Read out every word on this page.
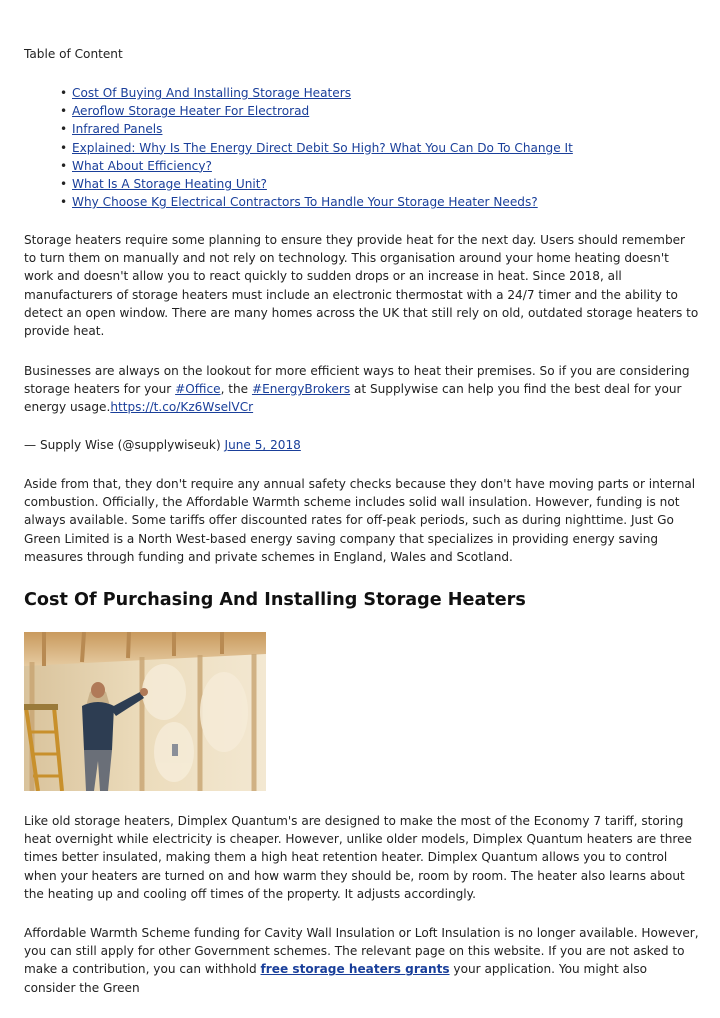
Table of Content
• Cost Of Buying And Installing Storage Heaters
• Aeroflow Storage Heater For Electrorad
• Infrared Panels
• Explained: Why Is The Energy Direct Debit So High? What You Can Do To Change It
• What About Efficiency?
• What Is A Storage Heating Unit?
• Why Choose Kg Electrical Contractors To Handle Your Storage Heater Needs?

Storage heaters require some planning to ensure they provide heat for the next day. Users should remember to turn them on manually and not rely on technology. This organisation around your home heating doesn't work and doesn't allow you to react quickly to sudden drops or an increase in heat. Since 2018, all manufacturers of storage heaters must include an electronic thermostat with a 24/7 timer and the ability to detect an open window. There are many homes across the UK that still rely on old, outdated storage heaters to provide heat.

Businesses are always on the lookout for more efficient ways to heat their premises. So if you are considering storage heaters for your #Office, the #EnergyBrokers at Supplywise can help you find the best deal for your energy usage.https://t.co/Kz6WselVCr

— Supply Wise (@supplywiseuk) June 5, 2018

Aside from that, they don't require any annual safety checks because they don't have moving parts or internal combustion. Officially, the Affordable Warmth scheme includes solid wall insulation. However, funding is not always available. Some tariffs offer discounted rates for off-peak periods, such as during nighttime. Just Go Green Limited is a North West-based energy saving company that specializes in providing energy saving measures through funding and private schemes in England, Wales and Scotland.

Cost Of Purchasing And Installing Storage Heaters

Like old storage heaters, Dimplex Quantum's are designed to make the most of the Economy 7 tariff, storing heat overnight while electricity is cheaper. However, unlike older models, Dimplex Quantum heaters are three times better insulated, making them a high heat retention heater. Dimplex Quantum allows you to control when your heaters are turned on and how warm they should be, room by room. The heater also learns about the heating up and cooling off times of the property. It adjusts accordingly.

Affordable Warmth Scheme funding for Cavity Wall Insulation or Loft Insulation is no longer available. However, you can still apply for other Government schemes. The relevant page on this website. If you are not asked to make a contribution, you can withhold free storage heaters grants your application. You might also consider the Green
